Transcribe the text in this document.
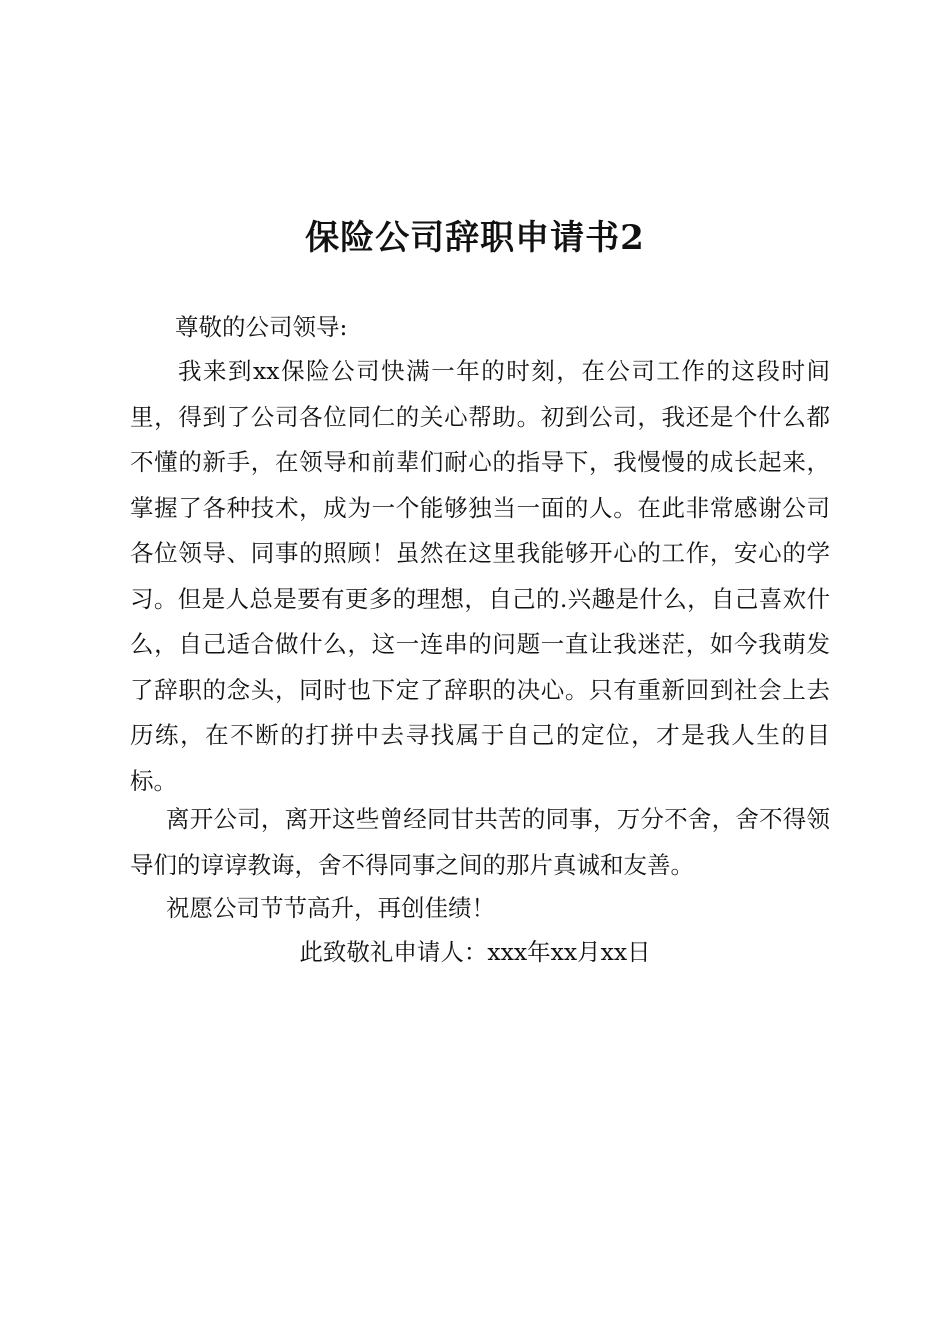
保险公司辞职申请书2
尊敬的公司领导:
我来到xx保险公司快满一年的时刻，在公司工作的这段时间里，得到了公司各位同仁的关心帮助。初到公司，我还是个什么都不懂的新手，在领导和前辈们耐心的指导下，我慢慢的成长起来，掌握了各种技术，成为一个能够独当一面的人。在此非常感谢公司各位领导、同事的照顾！虽然在这里我能够开心的工作，安心的学习。但是人总是要有更多的理想，自己的.兴趣是什么，自己喜欢什么，自己适合做什么，这一连串的问题一直让我迷茫，如今我萌发了辞职的念头，同时也下定了辞职的决心。只有重新回到社会上去历练，在不断的打拼中去寻找属于自己的定位，才是我人生的目标。
离开公司，离开这些曾经同甘共苦的同事，万分不舍，舍不得领导们的谆谆教诲，舍不得同事之间的那片真诚和友善。
祝愿公司节节高升，再创佳绩！
此致敬礼申请人：xxx年xx月xx日
